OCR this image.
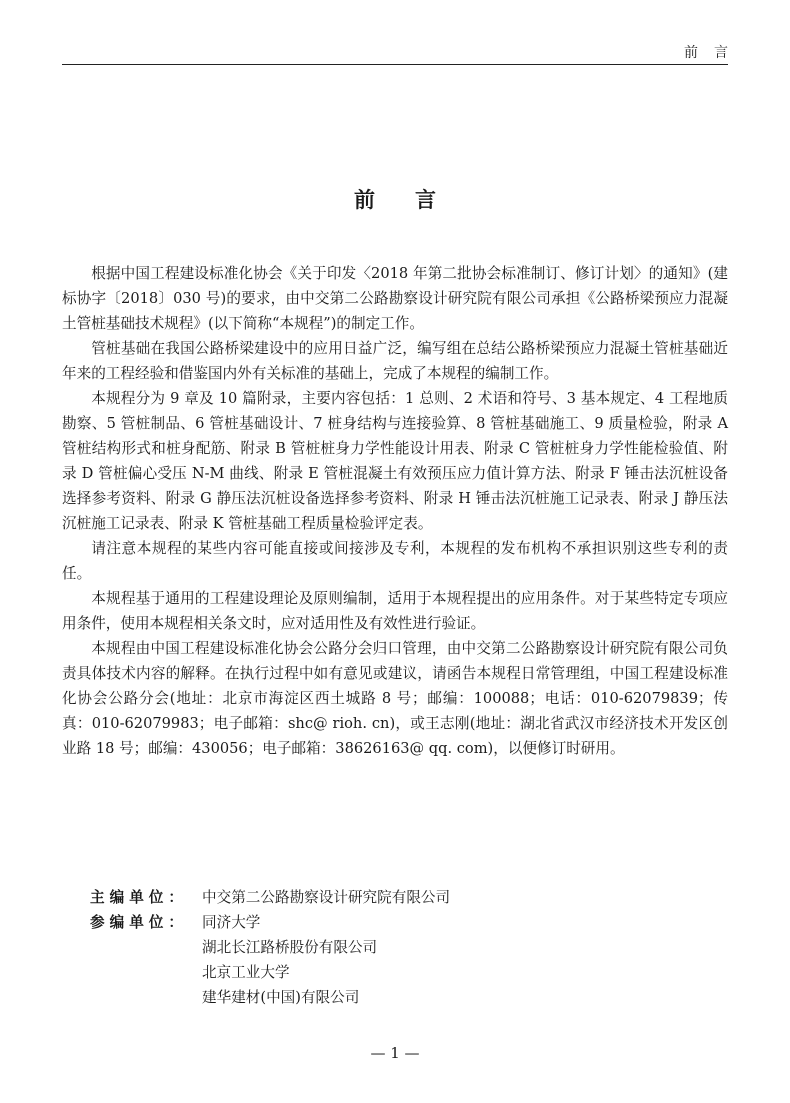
前言
前言

根据中国工程建设标准化协会《关于印发〈2018 年第二批协会标准制订、修订计划〉的通知》(建标协字〔2018〕030 号)的要求，由中交第二公路勘察设计研究院有限公司承担《公路桥梁预应力混凝土管桩基础技术规程》(以下简称“本规程”)的制定工作。

管桩基础在我国公路桥梁建设中的应用日益广泛，编写组在总结公路桥梁预应力混凝土管桩基础近年来的工程经验和借鉴国内外有关标准的基础上，完成了本规程的编制工作。

本规程分为 9 章及 10 篇附录，主要内容包括：1 总则、2 术语和符号、3 基本规定、4 工程地质勘察、5 管桩制品、6 管桩基础设计、7 桩身结构与连接验算、8 管桩基础施工、9 质量检验，附录 A 管桩结构形式和桩身配筋、附录 B 管桩桩身力学性能设计用表、附录 C 管桩桩身力学性能检验值、附录 D 管桩偏心受压 N-M 曲线、附录 E 管桩混凝土有效预压应力值计算方法、附录 F 锤击法沉桩设备选择参考资料、附录 G 静压法沉桩设备选择参考资料、附录 H 锤击法沉桩施工记录表、附录 J 静压法沉桩施工记录表、附录 K 管桩基础工程质量检验评定表。

请注意本规程的某些内容可能直接或间接涉及专利，本规程的发布机构不承担识别这些专利的责任。

本规程基于通用的工程建设理论及原则编制，适用于本规程提出的应用条件。对于某些特定专项应用条件，使用本规程相关条文时，应对适用性及有效性进行验证。

本规程由中国工程建设标准化协会公路分会归口管理，由中交第二公路勘察设计研究院有限公司负责具体技术内容的解释。在执行过程中如有意见或建议，请函告本规程日常管理组，中国工程建设标准化协会公路分会(地址：北京市海淀区西土城路 8 号；邮编：100088；电话：010-62079839；传真：010-62079983；电子邮箱：shc@ rioh. cn)，或王志刚(地址：湖北省武汉市经济技术开发区创业路 18 号；邮编：430056；电子邮箱：38626163@ qq. com)，以便修订时研用。

主编单位： 中交第二公路勘察设计研究院有限公司
参编单位： 同济大学
湖北长江路桥股份有限公司
北京工业大学
建华建材(中国)有限公司
— 1 —
